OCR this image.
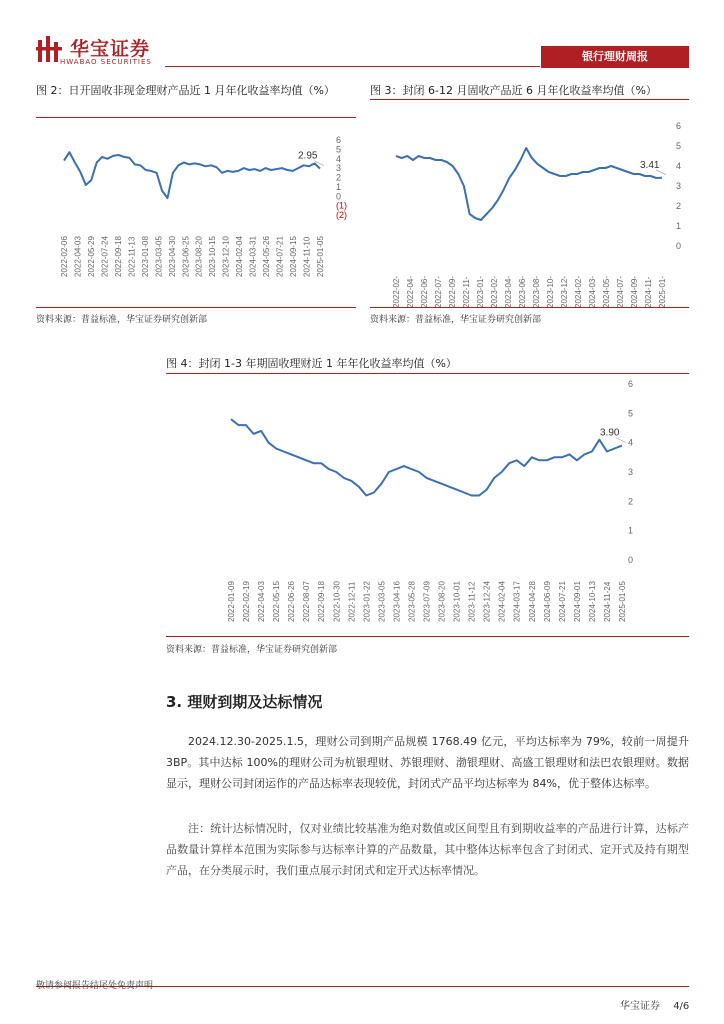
华宝证券
HWABAO SECURITIES	银行理财周报
图 2：日开固收非现金理财产品近 1 月年化收益率均值（%）
6
5
4
3
2
1
0
(1)
(2)
2.95
2022-02-06 2022-04-03 2022-05-29 2022-07-24 2022-09-18 2022-11-13 2023-01-08 2023-03-05 2023-04-30 2023-06-25 2023-08-20 2023-10-15 2023-12-10 2024-02-04 2024-03-31 2024-05-26 2024-07-21 2024-09-15 2024-11-10 2025-01-05
资料来源：普益标准，华宝证券研究创新部
图 3：封闭 6-12 月固收产品近 6 月年化收益率均值（%）
6
5
4
3
2
1
0
3.41
2022-02- 2022-04- 2022-06- 2022-07- 2022-09- 2022-11- 2023-01- 2023-02- 2023-04- 2023-06- 2023-08- 2023-10- 2023-12- 2024-02- 2024-03- 2024-05- 2024-07- 2024-09- 2024-11- 2025-01-
资料来源：普益标准，华宝证券研究创新部
图 4：封闭 1-3 年期固收理财近 1 年年化收益率均值（%）
6
5
4
3
2
1
0
3.90
2022-01-09 2022-02-19 2022-04-03 2022-05-15 2022-06-26 2022-08-07 2022-09-18 2022-10-30 2022-12-11 2023-01-22 2023-03-05 2023-04-16 2023-05-28 2023-07-09 2023-08-20 2023-10-01 2023-11-12 2023-12-24 2024-02-04 2024-03-17 2024-04-28 2024-06-09 2024-07-21 2024-09-01 2024-10-13 2024-11-24 2025-01-05
资料来源：普益标准，华宝证券研究创新部
3. 理财到期及达标情况
2024.12.30-2025.1.5，理财公司到期产品规模 1768.49 亿元，平均达标率为 79%，较前一周提升 3BP。其中达标 100%的理财公司为杭银理财、苏银理财、渤银理财、高盛工银理财和法巴农银理财。数据显示，理财公司封闭运作的产品达标率表现较优，封闭式产品平均达标率为 84%，优于整体达标率。
注：统计达标情况时，仅对业绩比较基准为绝对数值或区间型且有到期收益率的产品进行计算，达标产品数量计算样本范围为实际参与达标率计算的产品数量，其中整体达标率包含了封闭式、定开式及持有期型产品，在分类展示时，我们重点展示封闭式和定开式达标率情况。
敬请参阅报告结尾处免责声明
华宝证券 4/6
